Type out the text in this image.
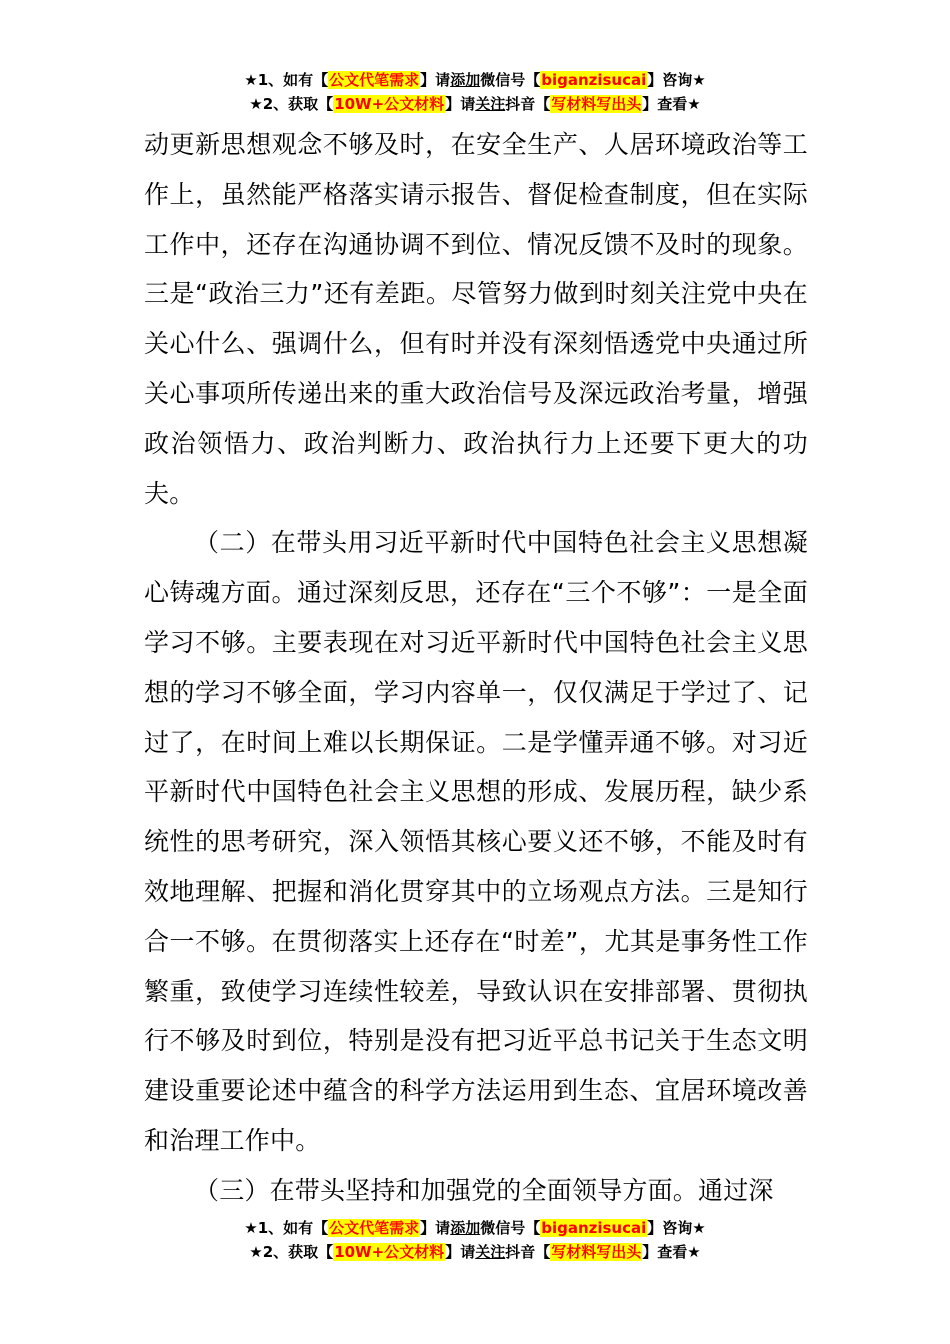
★1、如有【公文代笔需求】请添加微信号【biganzisucai】咨询★
★2、获取【10W+公文材料】请关注抖音【写材料写出头】查看★

动更新思想观念不够及时，在安全生产、人居环境政治等工作上，虽然能严格落实请示报告、督促检查制度，但在实际工作中，还存在沟通协调不到位、情况反馈不及时的现象。三是“政治三力”还有差距。尽管努力做到时刻关注党中央在关心什么、强调什么，但有时并没有深刻悟透党中央通过所关心事项所传递出来的重大政治信号及深远政治考量，增强政治领悟力、政治判断力、政治执行力上还要下更大的功夫。

（二）在带头用习近平新时代中国特色社会主义思想凝心铸魂方面。通过深刻反思，还存在“三个不够”：一是全面学习不够。主要表现在对习近平新时代中国特色社会主义思想的学习不够全面，学习内容单一，仅仅满足于学过了、记过了，在时间上难以长期保证。二是学懂弄通不够。对习近平新时代中国特色社会主义思想的形成、发展历程，缺少系统性的思考研究，深入领悟其核心要义还不够，不能及时有效地理解、把握和消化贯穿其中的立场观点方法。三是知行合一不够。在贯彻落实上还存在“时差”，尤其是事务性工作繁重，致使学习连续性较差，导致认识在安排部署、贯彻执行不够及时到位，特别是没有把习近平总书记关于生态文明建设重要论述中蕴含的科学方法运用到生态、宜居环境改善和治理工作中。

（三）在带头坚持和加强党的全面领导方面。通过深

★1、如有【公文代笔需求】请添加微信号【biganzisucai】咨询★
★2、获取【10W+公文材料】请关注抖音【写材料写出头】查看★
